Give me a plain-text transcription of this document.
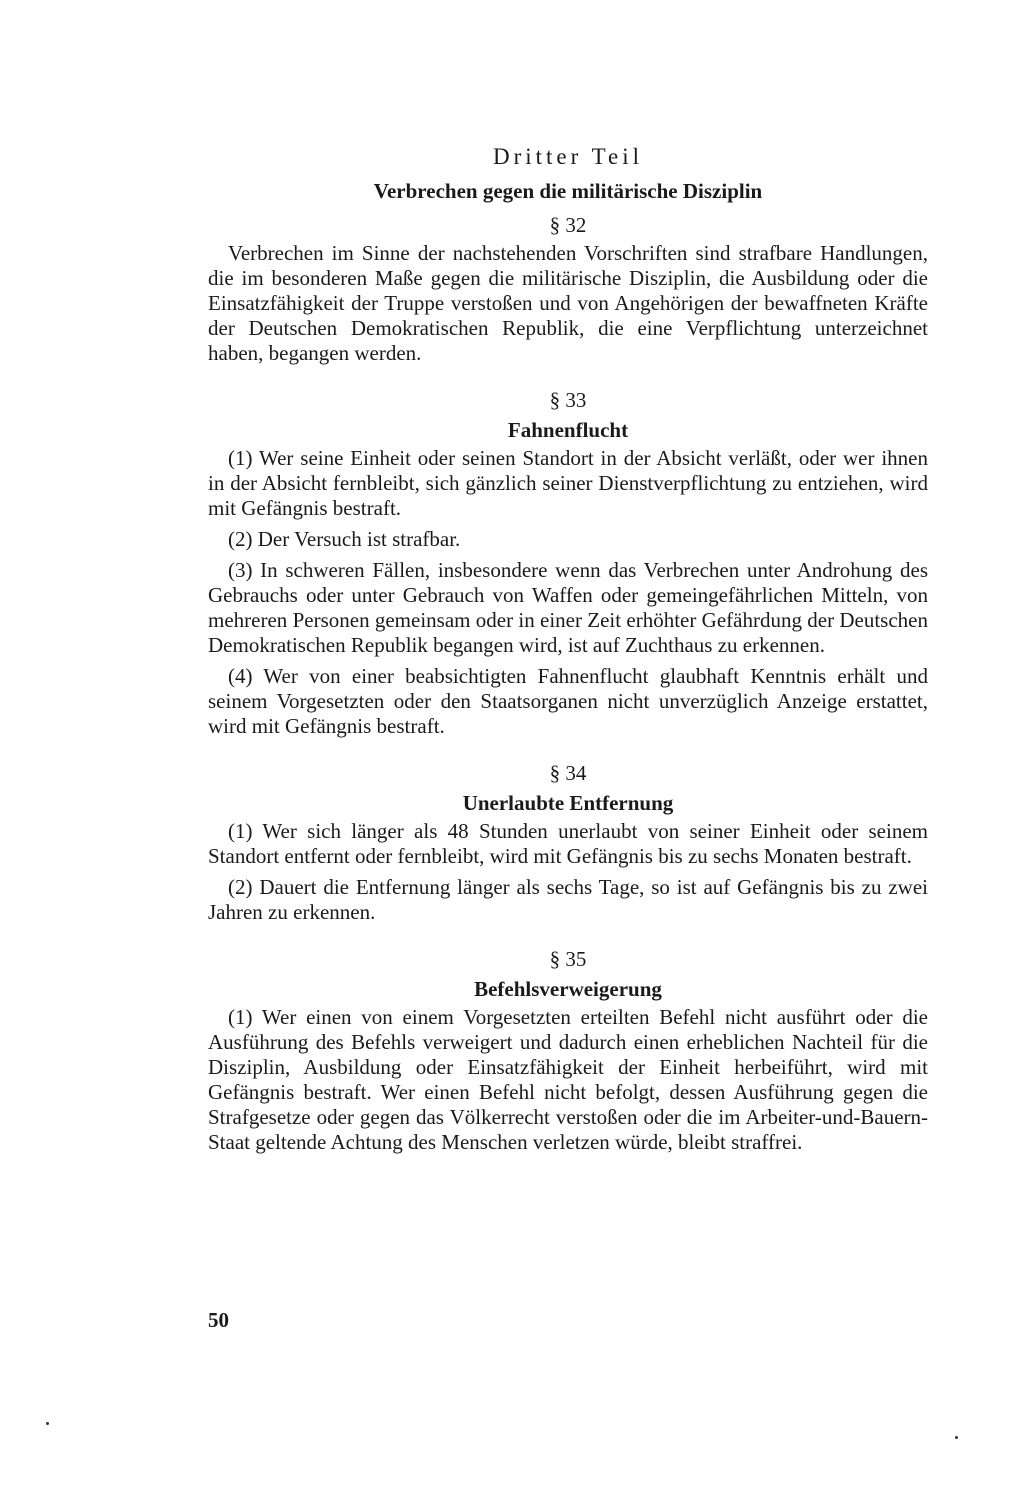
Dritter Teil
Verbrechen gegen die militärische Disziplin
§ 32

Verbrechen im Sinne der nachstehenden Vorschriften sind strafbare Handlungen, die im besonderen Maße gegen die militärische Disziplin, die Ausbildung oder die Einsatzfähigkeit der Truppe verstoßen und von Angehörigen der bewaffneten Kräfte der Deutschen Demokratischen Republik, die eine Verpflichtung unterzeichnet haben, begangen werden.

§ 33
Fahnenflucht

(1) Wer seine Einheit oder seinen Standort in der Absicht verläßt, oder wer ihnen in der Absicht fernbleibt, sich gänzlich seiner Dienstverpflichtung zu entziehen, wird mit Gefängnis bestraft.

(2) Der Versuch ist strafbar.

(3) In schweren Fällen, insbesondere wenn das Verbrechen unter Androhung des Gebrauchs oder unter Gebrauch von Waffen oder gemeingefährlichen Mitteln, von mehreren Personen gemeinsam oder in einer Zeit erhöhter Gefährdung der Deutschen Demokratischen Republik begangen wird, ist auf Zuchthaus zu erkennen.

(4) Wer von einer beabsichtigten Fahnenflucht glaubhaft Kenntnis erhält und seinem Vorgesetzten oder den Staatsorganen nicht unverzüglich Anzeige erstattet, wird mit Gefängnis bestraft.

§ 34
Unerlaubte Entfernung

(1) Wer sich länger als 48 Stunden unerlaubt von seiner Einheit oder seinem Standort entfernt oder fernbleibt, wird mit Gefängnis bis zu sechs Monaten bestraft.

(2) Dauert die Entfernung länger als sechs Tage, so ist auf Gefängnis bis zu zwei Jahren zu erkennen.

§ 35
Befehlsverweigerung

(1) Wer einen von einem Vorgesetzten erteilten Befehl nicht ausführt oder die Ausführung des Befehls verweigert und dadurch einen erheblichen Nachteil für die Disziplin, Ausbildung oder Einsatzfähigkeit der Einheit herbeiführt, wird mit Gefängnis bestraft. Wer einen Befehl nicht befolgt, dessen Ausführung gegen die Strafgesetze oder gegen das Völkerrecht verstoßen oder die im Arbeiter-und-Bauern-Staat geltende Achtung des Menschen verletzen würde, bleibt straffrei.

50
